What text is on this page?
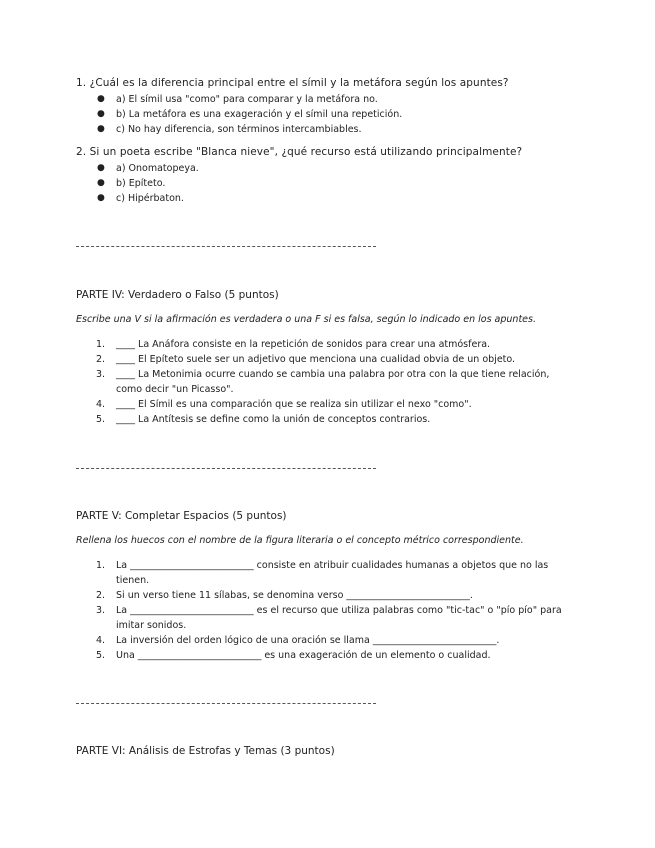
1. ¿Cuál es la diferencia principal entre el símil y la metáfora según los apuntes?
● a) El símil usa "como" para comparar y la metáfora no.
● b) La metáfora es una exageración y el símil una repetición.
● c) No hay diferencia, son términos intercambiables.
2. Si un poeta escribe "Blanca nieve", ¿qué recurso está utilizando principalmente?
● a) Onomatopeya.
● b) Epíteto.
● c) Hipérbaton.
PARTE IV: Verdadero o Falso (5 puntos)
Escribe una V si la afirmación es verdadera o una F si es falsa, según lo indicado en los apuntes.
1. ____ La Anáfora consiste en la repetición de sonidos para crear una atmósfera.
2. ____ El Epíteto suele ser un adjetivo que menciona una cualidad obvia de un objeto.
3. ____ La Metonimia ocurre cuando se cambia una palabra por otra con la que tiene relación, como decir "un Picasso".
4. ____ El Símil es una comparación que se realiza sin utilizar el nexo "como".
5. ____ La Antítesis se define como la unión de conceptos contrarios.
PARTE V: Completar Espacios (5 puntos)
Rellena los huecos con el nombre de la figura literaria o el concepto métrico correspondiente.
1. La __________________________ consiste en atribuir cualidades humanas a objetos que no las tienen.
2. Si un verso tiene 11 sílabas, se denomina verso __________________________.
3. La __________________________ es el recurso que utiliza palabras como "tic-tac" o "pío pío" para imitar sonidos.
4. La inversión del orden lógico de una oración se llama __________________________.
5. Una __________________________ es una exageración de un elemento o cualidad.
PARTE VI: Análisis de Estrofas y Temas (3 puntos)
